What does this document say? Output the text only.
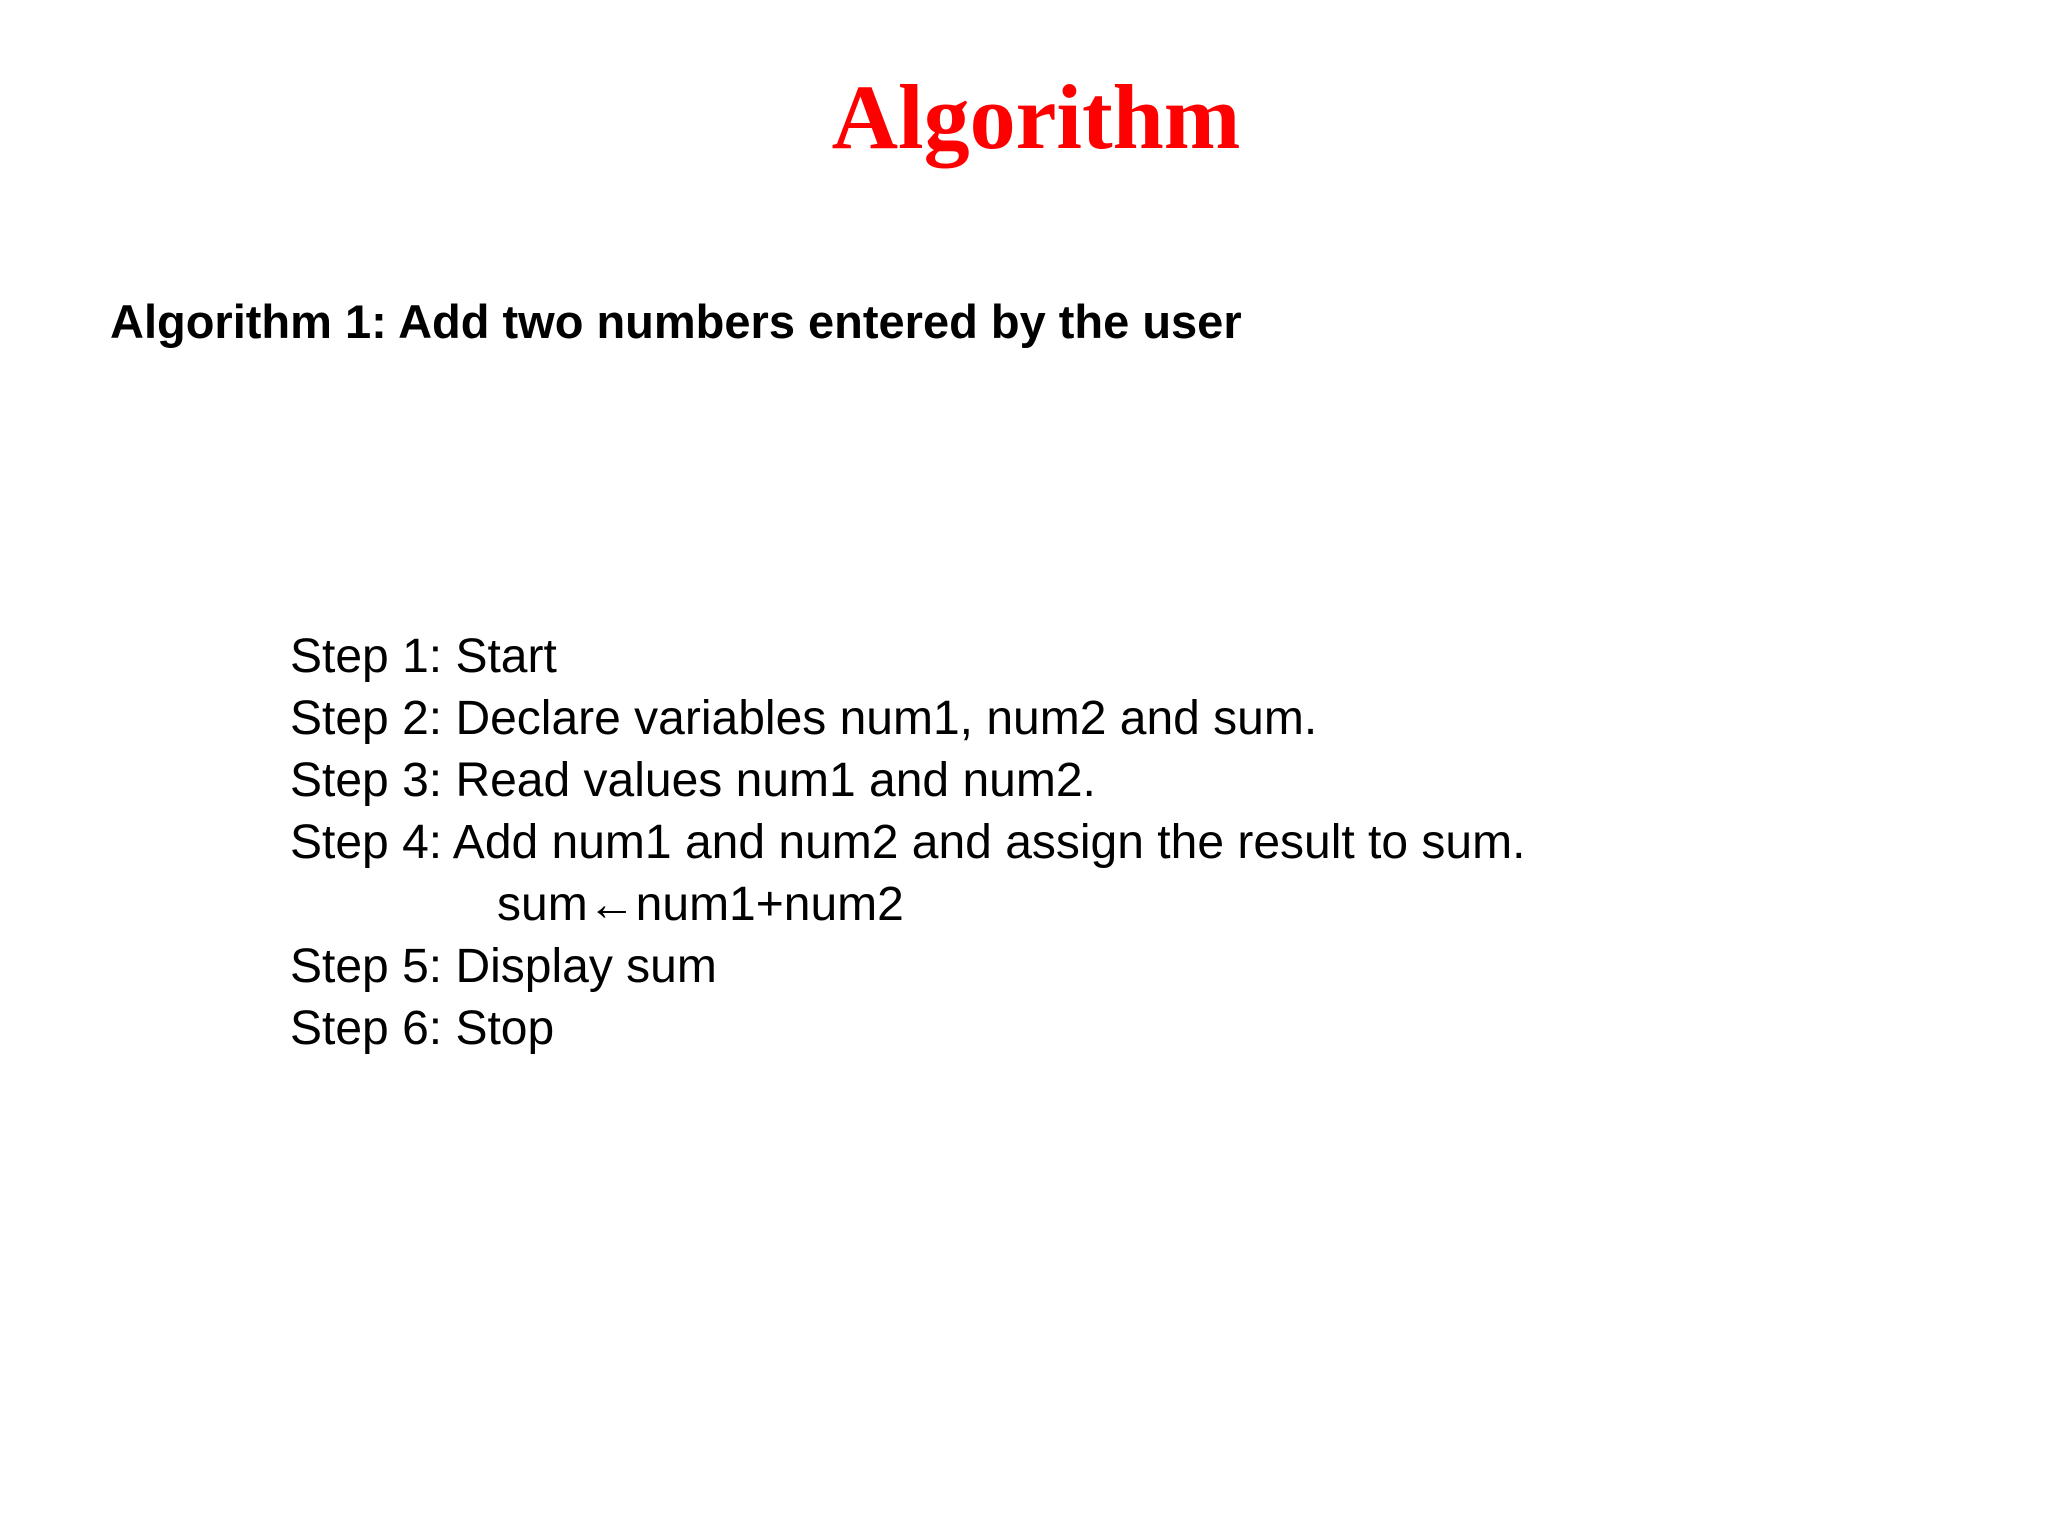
Algorithm
Algorithm 1: Add two numbers entered by the user
Step 1: Start
Step 2: Declare variables num1, num2 and sum.
Step 3: Read values num1 and num2.
Step 4: Add num1 and num2 and assign the result to sum.
sum←num1+num2
Step 5: Display sum
Step 6: Stop
